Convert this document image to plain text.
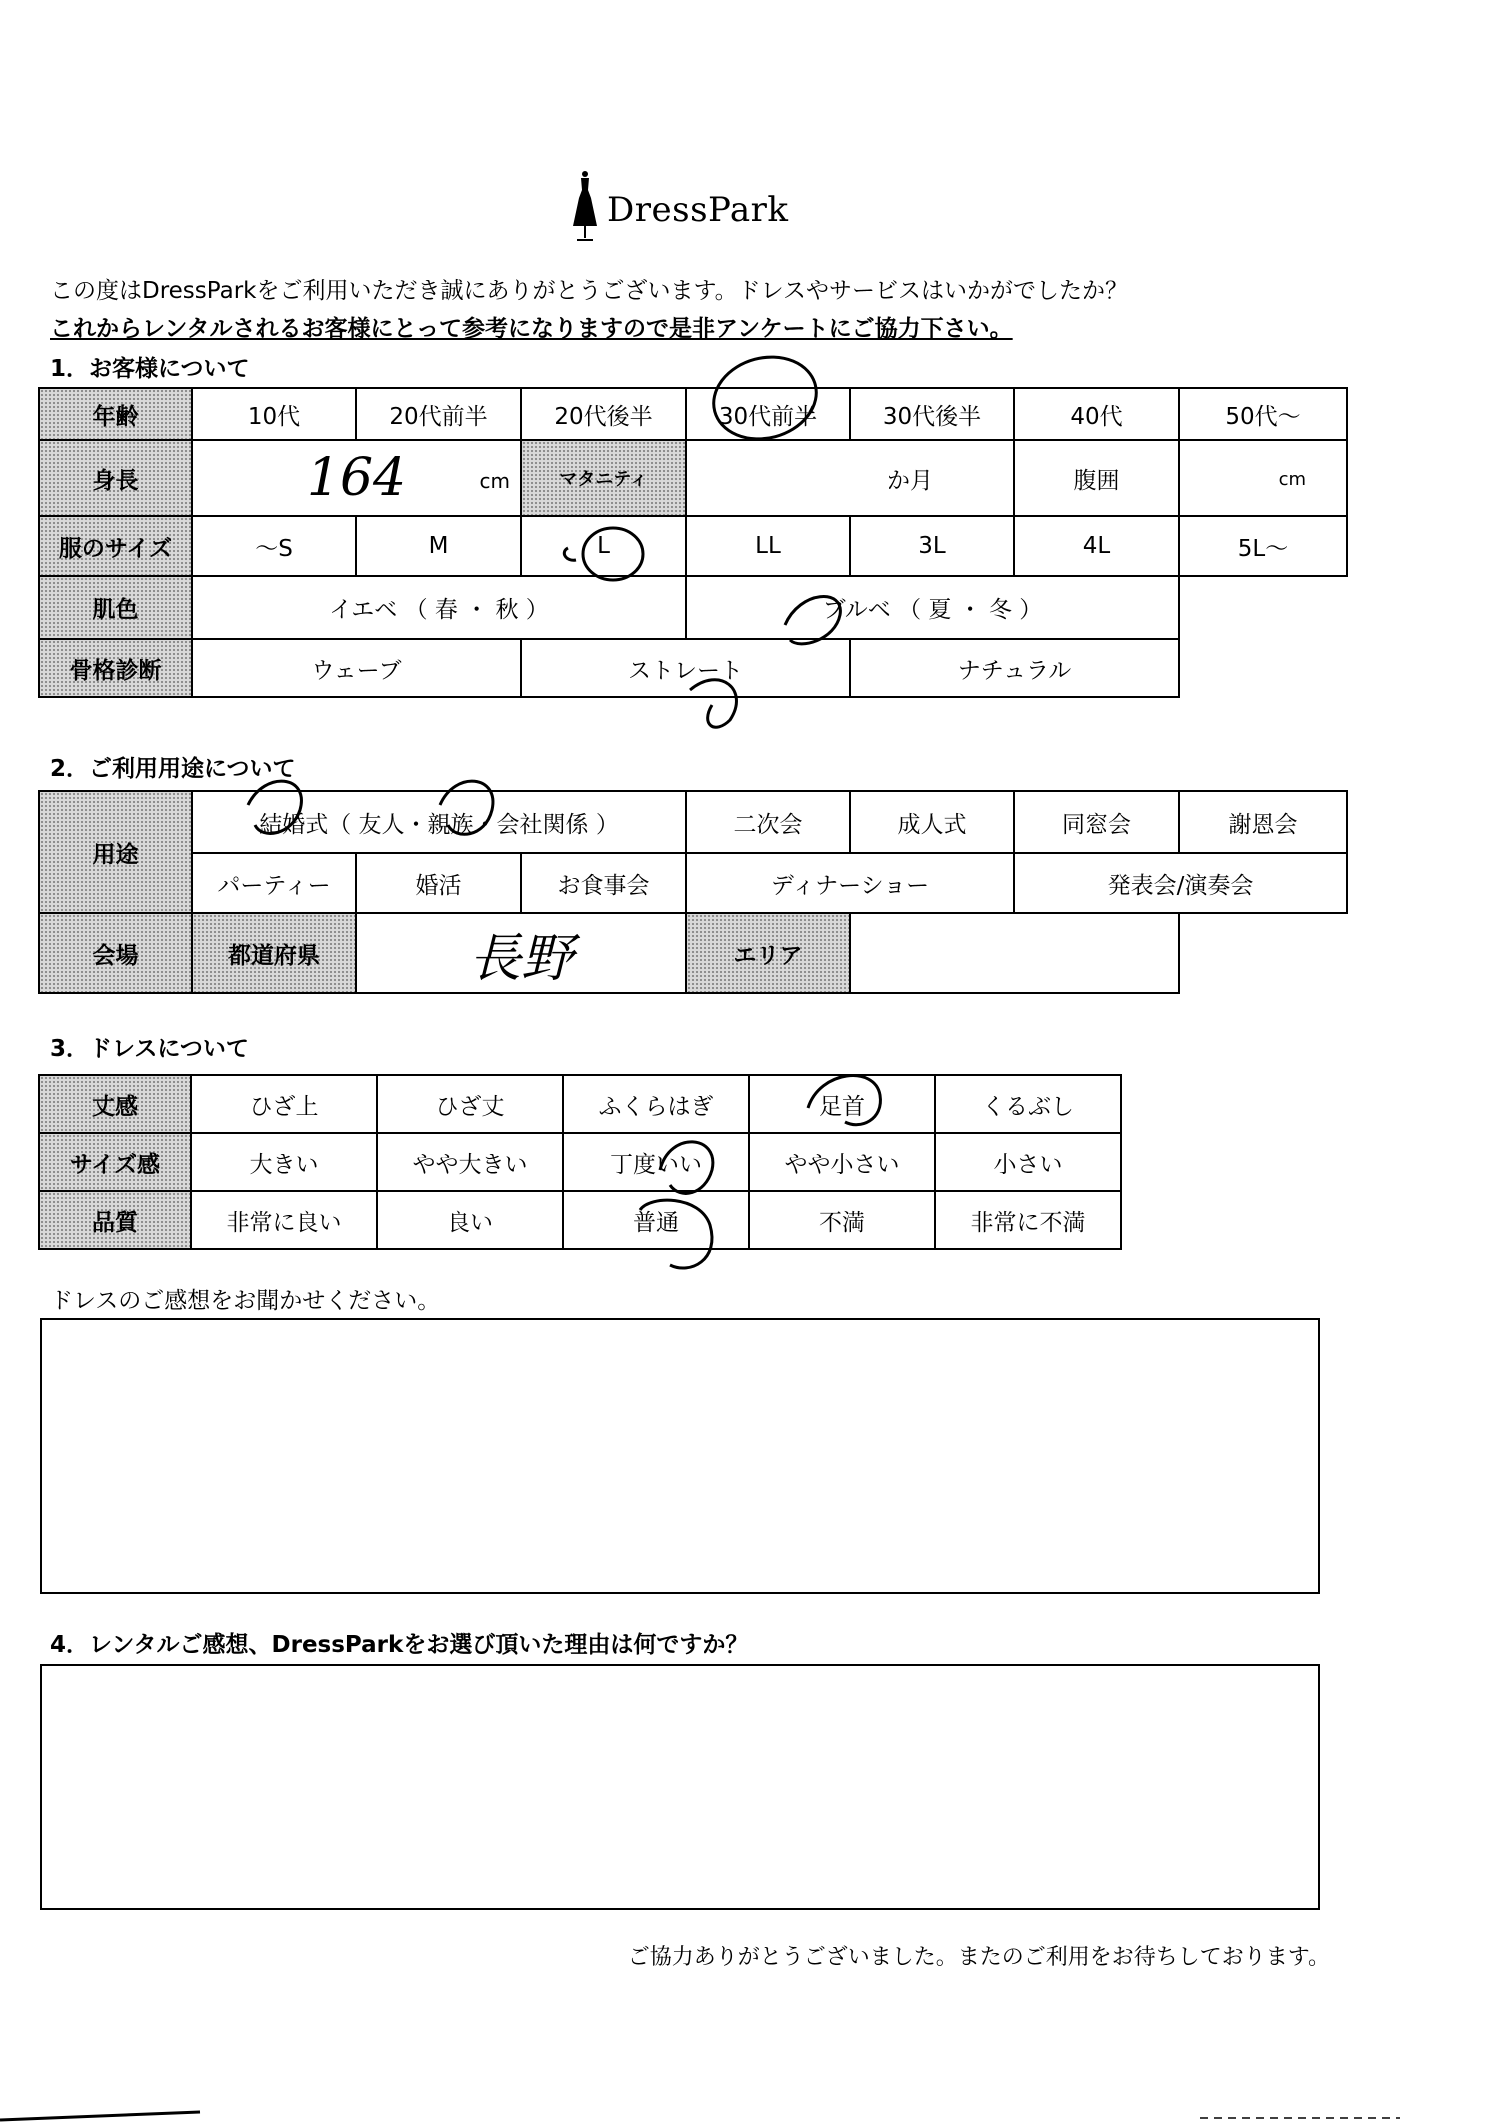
DressPark
この度はDressParkをご利用いただき誠にありがとうございます。ドレスやサービスはいかがでしたか？
これからレンタルされるお客様にとって参考になりますので是非アンケートにご協力下さい。
1．お客様について
年齢	10代	20代前半	20代後半	30代前半	30代後半	40代	50代～
身長	164 cm		マタニティ	か月		腹囲	cm
服のサイズ	～S	M	L	LL	3L	4L	5L～
肌色	イエベ （ 春 ・ 秋 ）			ブルベ （ 夏 ・ 冬 ）			
骨格診断	ウェーブ		ストレート		ナチュラル		
2．ご利用用途について
用途	結婚式（ 友人・親族・会社関係 ）			二次会	成人式	同窓会	謝恩会
	パーティー	婚活	お食事会	ディナーショー		発表会/演奏会	
会場	都道府県	長野		エリア			
3．ドレスについて
丈感	ひざ上	ひざ丈	ふくらはぎ	足首	くるぶし
サイズ感	大きい	やや大きい	丁度いい	やや小さい	小さい
品質	非常に良い	良い	普通	不満	非常に不満
ドレスのご感想をお聞かせください。
4．レンタルご感想、DressParkをお選び頂いた理由は何ですか？
ご協力ありがとうございました。またのご利用をお待ちしております。
